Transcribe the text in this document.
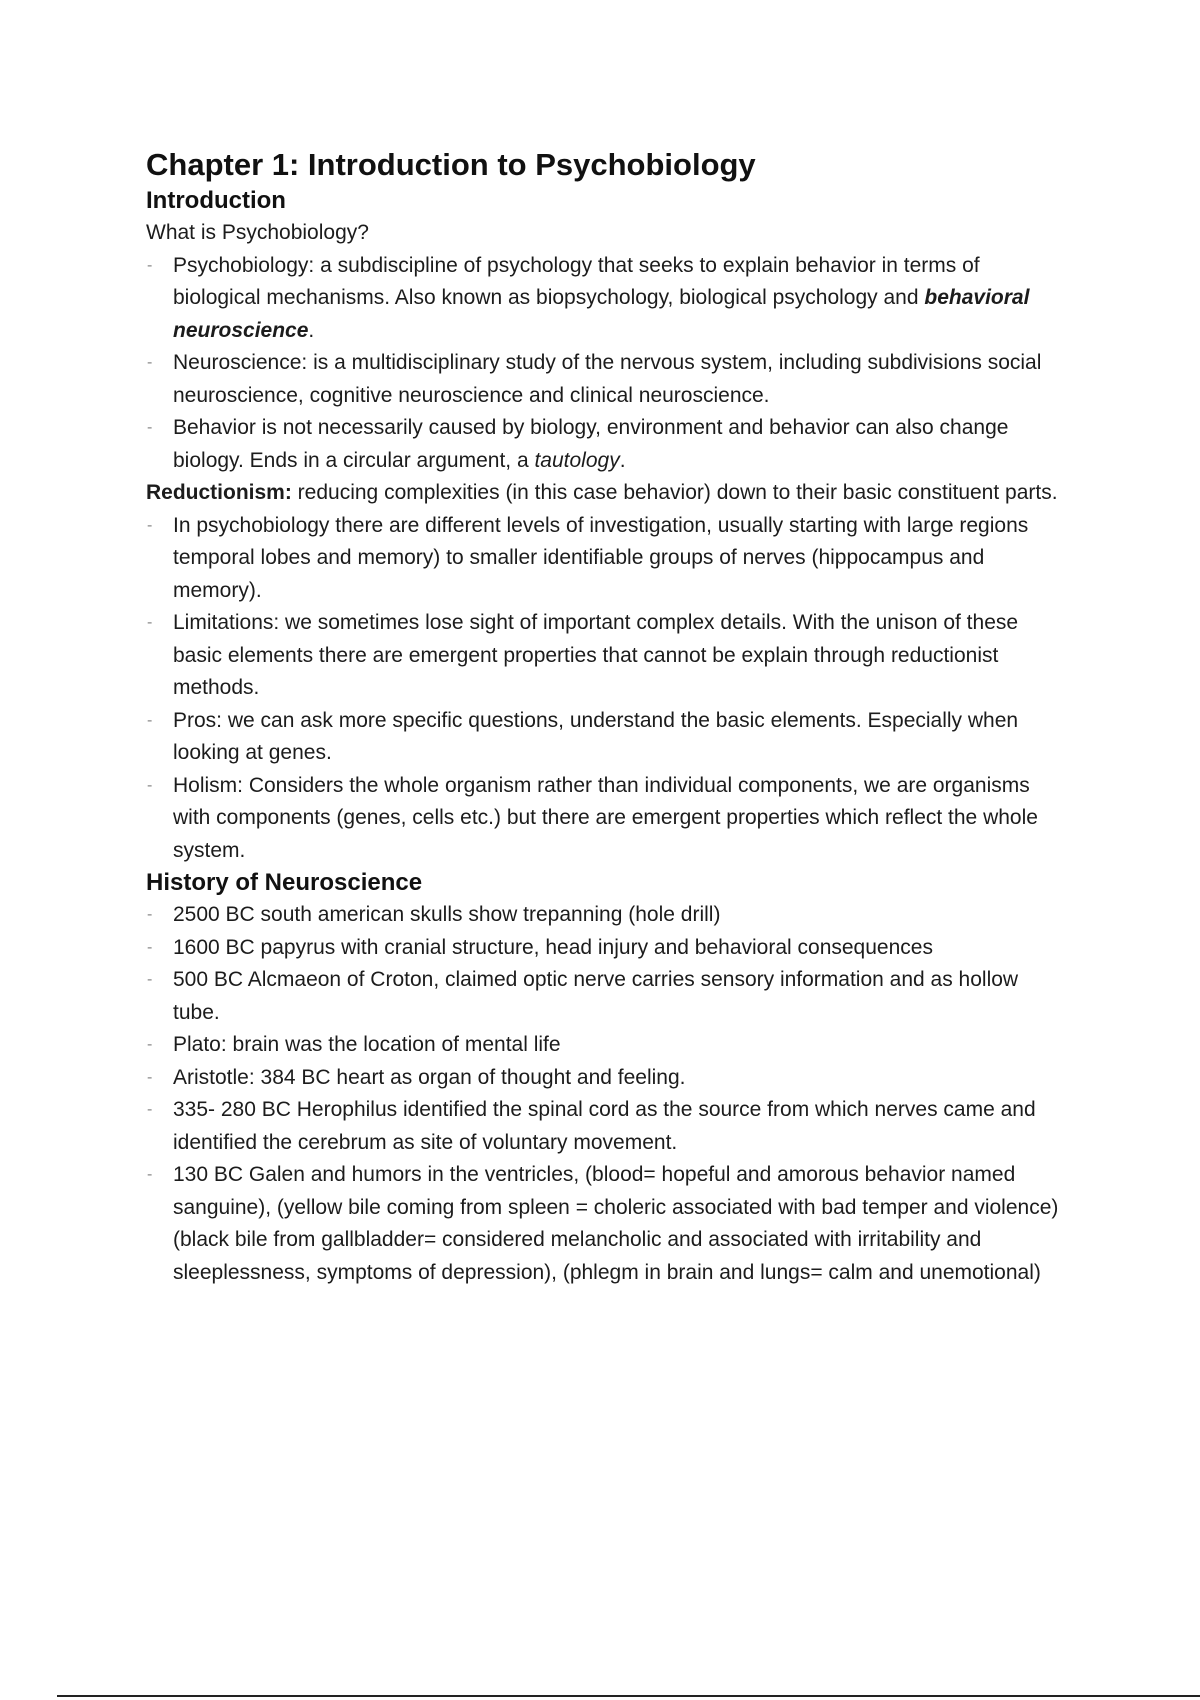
Chapter 1: Introduction to Psychobiology
Introduction

What is Psychobiology?

- Psychobiology: a subdiscipline of psychology that seeks to explain behavior in terms of biological mechanisms. Also known as biopsychology, biological psychology and behavioral neuroscience.
- Neuroscience: is a multidisciplinary study of the nervous system, including subdivisions social neuroscience, cognitive neuroscience and clinical neuroscience.
- Behavior is not necessarily caused by biology, environment and behavior can also change biology. Ends in a circular argument, a tautology.

Reductionism: reducing complexities (in this case behavior) down to their basic constituent parts.

- In psychobiology there are different levels of investigation, usually starting with large regions temporal lobes and memory) to smaller identifiable groups of nerves (hippocampus and memory).
- Limitations: we sometimes lose sight of important complex details. With the unison of these basic elements there are emergent properties that cannot be explain through reductionist methods.
- Pros: we can ask more specific questions, understand the basic elements. Especially when looking at genes.
- Holism: Considers the whole organism rather than individual components, we are organisms with components (genes, cells etc.) but there are emergent properties which reflect the whole system.
History of Neuroscience
- 2500 BC south american skulls show trepanning (hole drill)
- 1600 BC papyrus with cranial structure, head injury and behavioral consequences
- 500 BC Alcmaeon of Croton, claimed optic nerve carries sensory information and as hollow tube.
- Plato: brain was the location of mental life
- Aristotle: 384 BC heart as organ of thought and feeling.
- 335- 280 BC Herophilus identified the spinal cord as the source from which nerves came and identified the cerebrum as site of voluntary movement.
- 130 BC Galen and humors in the ventricles, (blood= hopeful and amorous behavior named sanguine), (yellow bile coming from spleen = choleric associated with bad temper and violence) (black bile from gallbladder= considered melancholic and associated with irritability and sleeplessness, symptoms of depression), (phlegm in brain and lungs= calm and unemotional)
